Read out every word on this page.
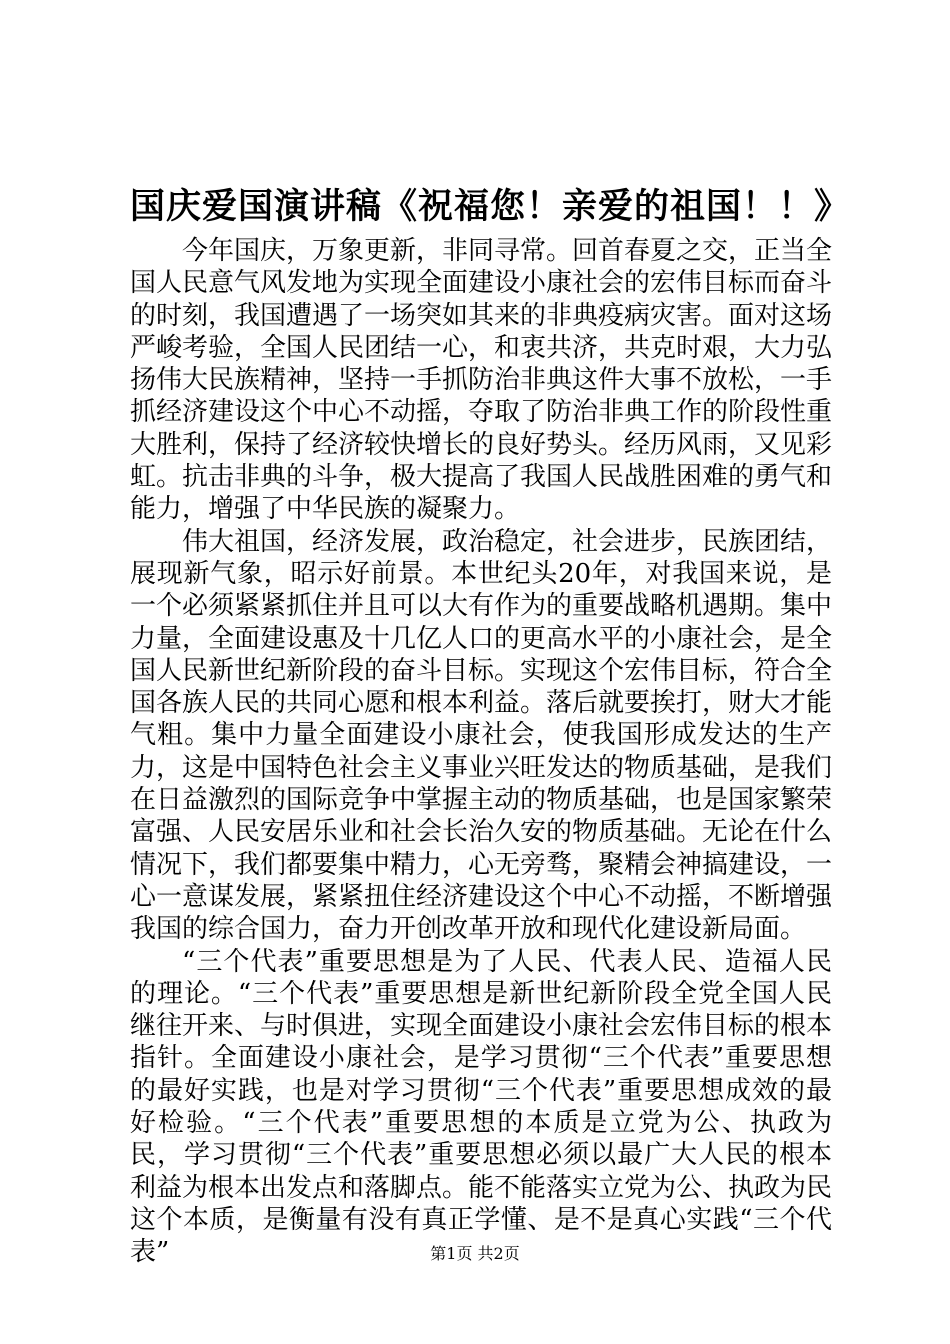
国庆爱国演讲稿《祝福您！亲爱的祖国！！》

今年国庆，万象更新，非同寻常。回首春夏之交，正当全国人民意气风发地为实现全面建设小康社会的宏伟目标而奋斗的时刻，我国遭遇了一场突如其来的非典疫病灾害。面对这场严峻考验，全国人民团结一心，和衷共济，共克时艰，大力弘扬伟大民族精神，坚持一手抓防治非典这件大事不放松，一手抓经济建设这个中心不动摇，夺取了防治非典工作的阶段性重大胜利，保持了经济较快增长的良好势头。经历风雨，又见彩虹。抗击非典的斗争，极大提高了我国人民战胜困难的勇气和能力，增强了中华民族的凝聚力。

伟大祖国，经济发展，政治稳定，社会进步，民族团结，展现新气象，昭示好前景。本世纪头20年，对我国来说，是一个必须紧紧抓住并且可以大有作为的重要战略机遇期。集中力量，全面建设惠及十几亿人口的更高水平的小康社会，是全国人民新世纪新阶段的奋斗目标。实现这个宏伟目标，符合全国各族人民的共同心愿和根本利益。落后就要挨打，财大才能气粗。集中力量全面建设小康社会，使我国形成发达的生产力，这是中国特色社会主义事业兴旺发达的物质基础，是我们在日益激烈的国际竞争中掌握主动的物质基础，也是国家繁荣富强、人民安居乐业和社会长治久安的物质基础。无论在什么情况下，我们都要集中精力，心无旁骛，聚精会神搞建设，一心一意谋发展，紧紧扭住经济建设这个中心不动摇，不断增强我国的综合国力，奋力开创改革开放和现代化建设新局面。

“三个代表”重要思想是为了人民、代表人民、造福人民的理论。“三个代表”重要思想是新世纪新阶段全党全国人民继往开来、与时俱进，实现全面建设小康社会宏伟目标的根本指针。全面建设小康社会，是学习贯彻“三个代表”重要思想的最好实践，也是对学习贯彻“三个代表”重要思想成效的最好检验。“三个代表”重要思想的本质是立党为公、执政为民，学习贯彻“三个代表”重要思想必须以最广大人民的根本利益为根本出发点和落脚点。能不能落实立党为公、执政为民这个本质，是衡量有没有真正学懂、是不是真心实践“三个代表”	第1页 共2页
